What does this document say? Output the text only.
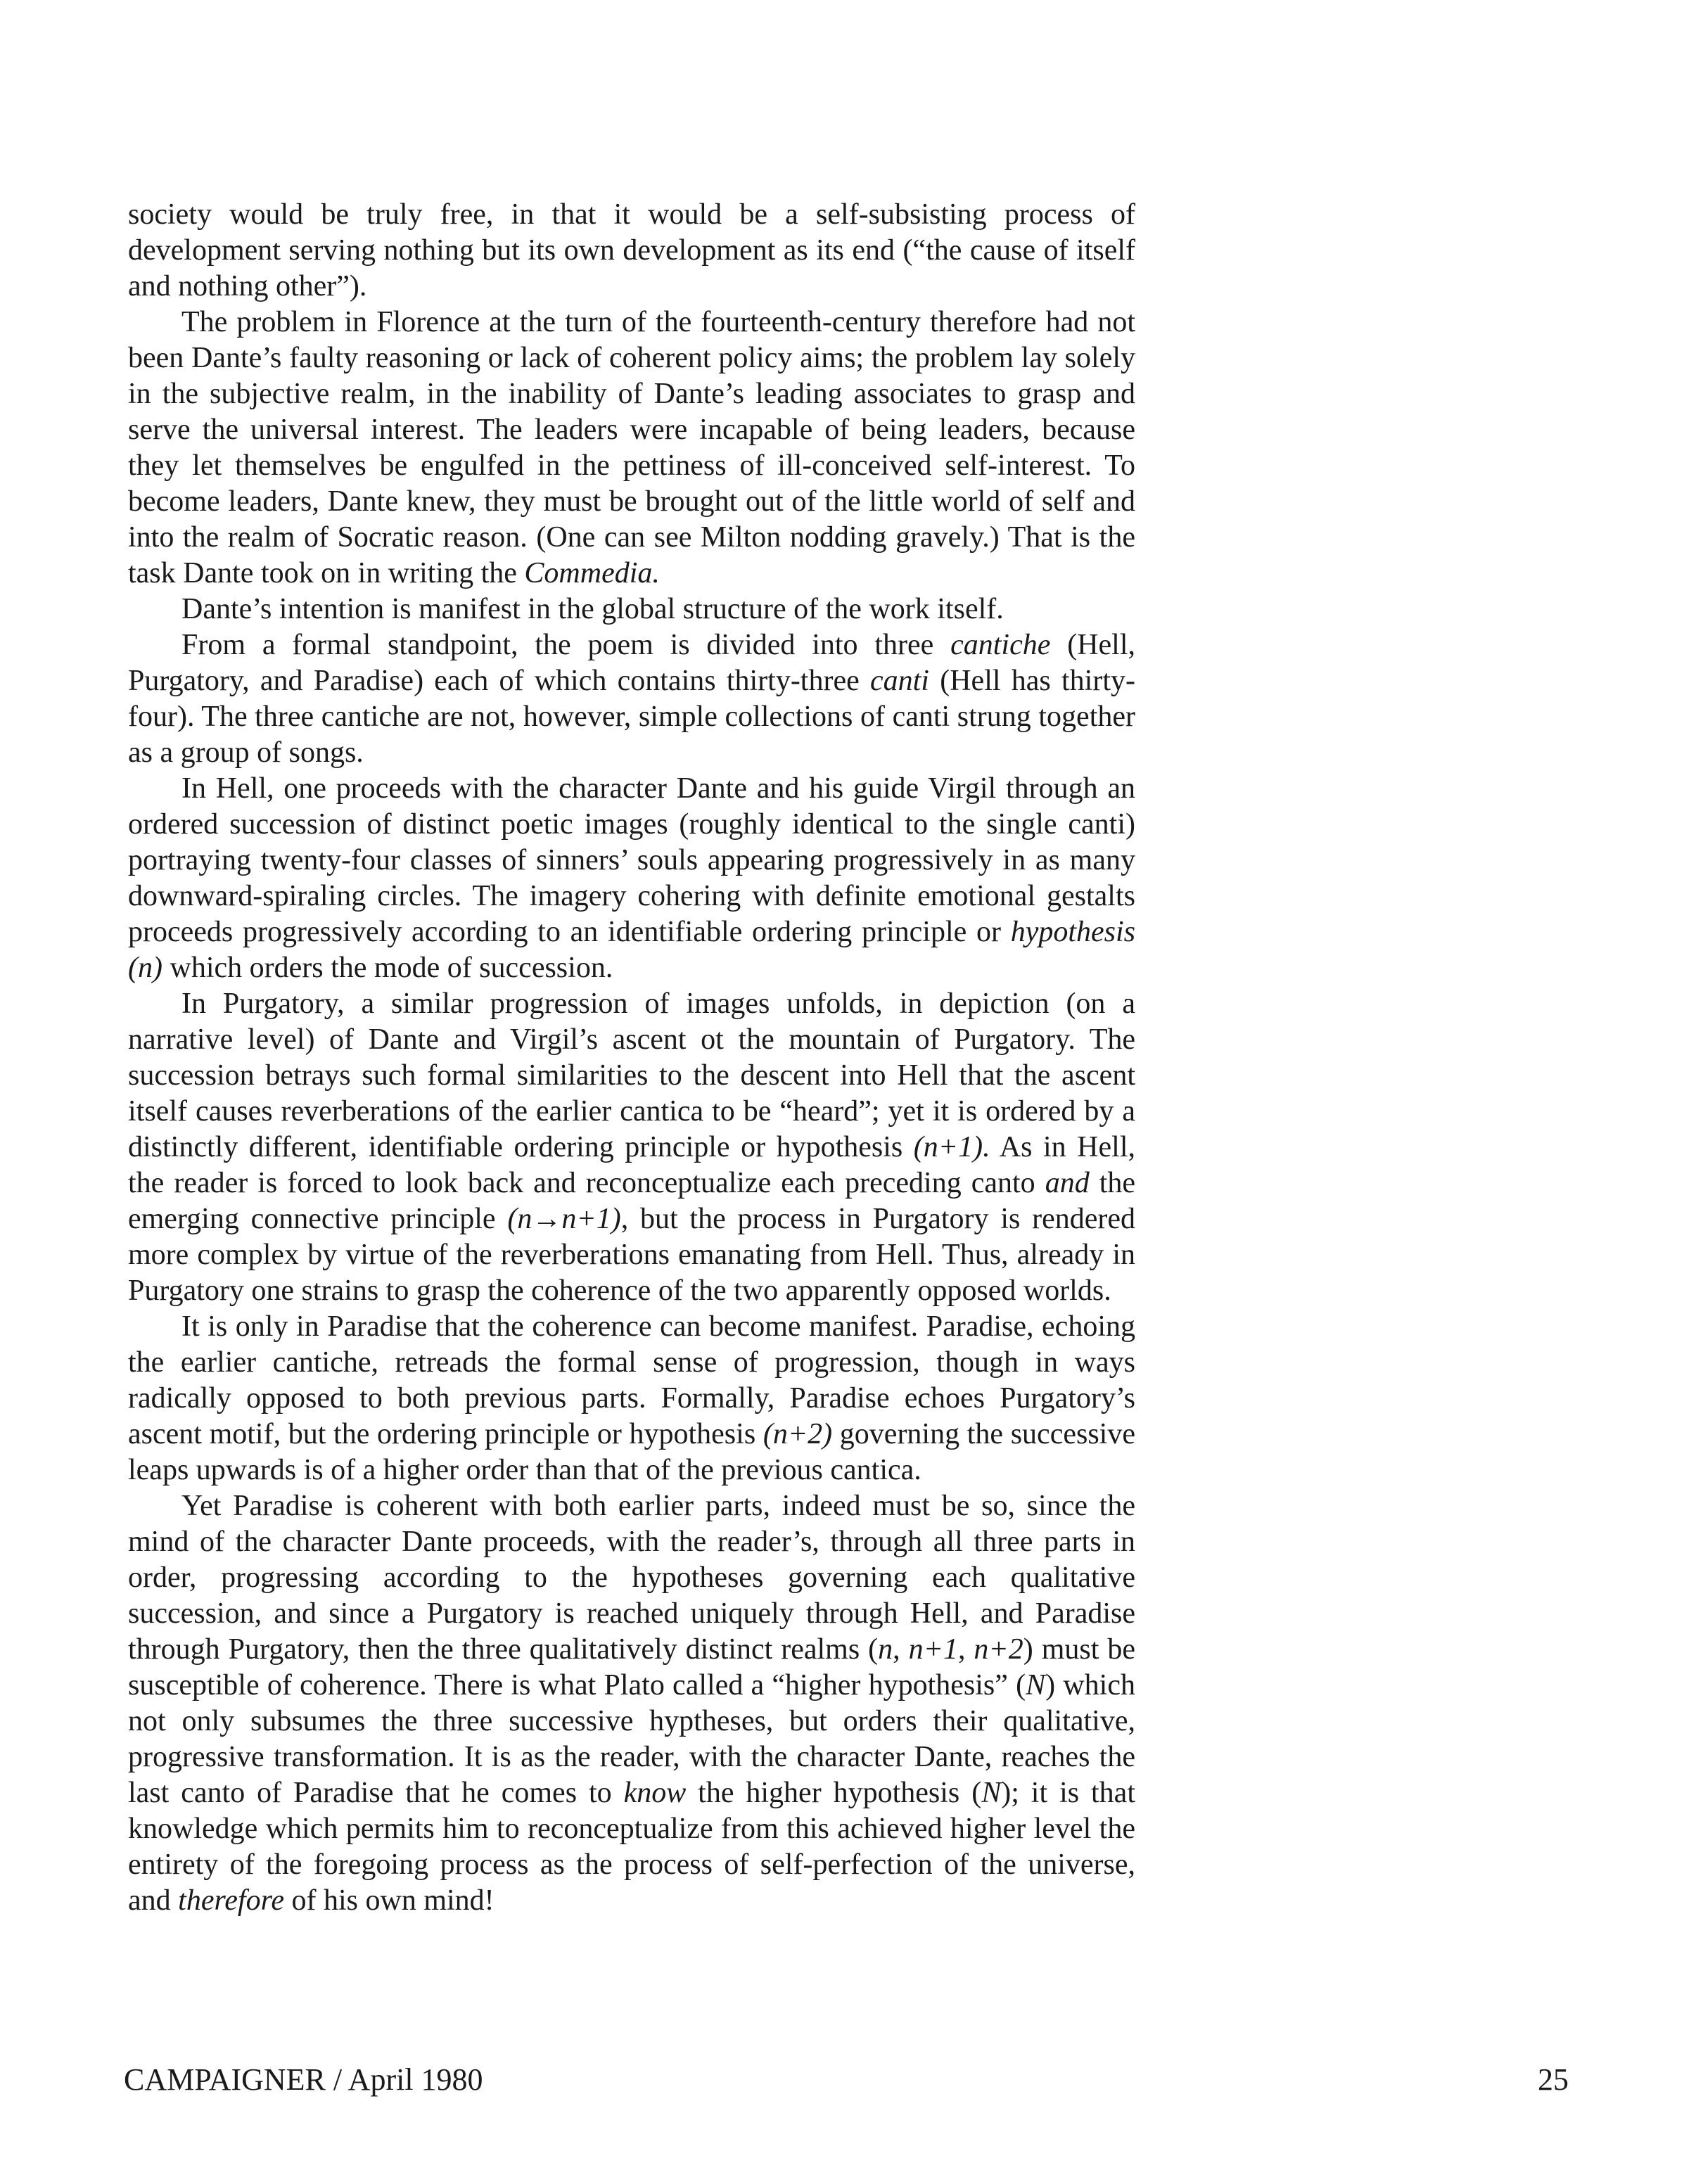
society would be truly free, in that it would be a self-subsisting process of development serving nothing but its own development as its end (“the cause of itself and nothing other”).

The problem in Florence at the turn of the fourteenth-century therefore had not been Dante’s faulty reasoning or lack of coherent policy aims; the problem lay solely in the subjective realm, in the inability of Dante’s leading associates to grasp and serve the universal interest. The leaders were incapable of being leaders, because they let themselves be engulfed in the pettiness of ill-conceived self-interest. To become leaders, Dante knew, they must be brought out of the little world of self and into the realm of Socratic reason. (One can see Milton nodding gravely.) That is the task Dante took on in writing the Commedia.

Dante’s intention is manifest in the global structure of the work itself.

From a formal standpoint, the poem is divided into three cantiche (Hell, Purgatory, and Paradise) each of which contains thirty-three canti (Hell has thirty-four). The three cantiche are not, however, simple collections of canti strung together as a group of songs.

In Hell, one proceeds with the character Dante and his guide Virgil through an ordered succession of distinct poetic images (roughly identical to the single canti) portraying twenty-four classes of sinners’ souls appearing progressively in as many downward-spiraling circles. The imagery cohering with definite emotional gestalts proceeds progressively according to an identifiable ordering principle or hypothesis (n) which orders the mode of succession.

In Purgatory, a similar progression of images unfolds, in depiction (on a narrative level) of Dante and Virgil’s ascent ot the mountain of Purgatory. The succession betrays such formal similarities to the descent into Hell that the ascent itself causes reverberations of the earlier cantica to be “heard”; yet it is ordered by a distinctly different, identifiable ordering principle or hypothesis (n+1). As in Hell, the reader is forced to look back and reconceptualize each preceding canto and the emerging connective principle (n→n+1), but the process in Purgatory is rendered more complex by virtue of the reverberations emanating from Hell. Thus, already in Purgatory one strains to grasp the coherence of the two apparently opposed worlds.

It is only in Paradise that the coherence can become manifest. Paradise, echoing the earlier cantiche, retreads the formal sense of progression, though in ways radically opposed to both previous parts. Formally, Paradise echoes Purgatory’s ascent motif, but the ordering principle or hypothesis (n+2) governing the successive leaps upwards is of a higher order than that of the previous cantica.

Yet Paradise is coherent with both earlier parts, indeed must be so, since the mind of the character Dante proceeds, with the reader’s, through all three parts in order, progressing according to the hypotheses governing each qualitative succession, and since a Purgatory is reached uniquely through Hell, and Paradise through Purgatory, then the three qualitatively distinct realms (n, n+1, n+2) must be susceptible of coherence. There is what Plato called a “higher hypothesis” (N) which not only subsumes the three successive hyptheses, but orders their qualitative, progressive transformation. It is as the reader, with the character Dante, reaches the last canto of Paradise that he comes to know the higher hypothesis (N); it is that knowledge which permits him to reconceptualize from this achieved higher level the entirety of the foregoing process as the process of self-perfection of the universe, and therefore of his own mind!

CAMPAIGNER / April 1980	25
